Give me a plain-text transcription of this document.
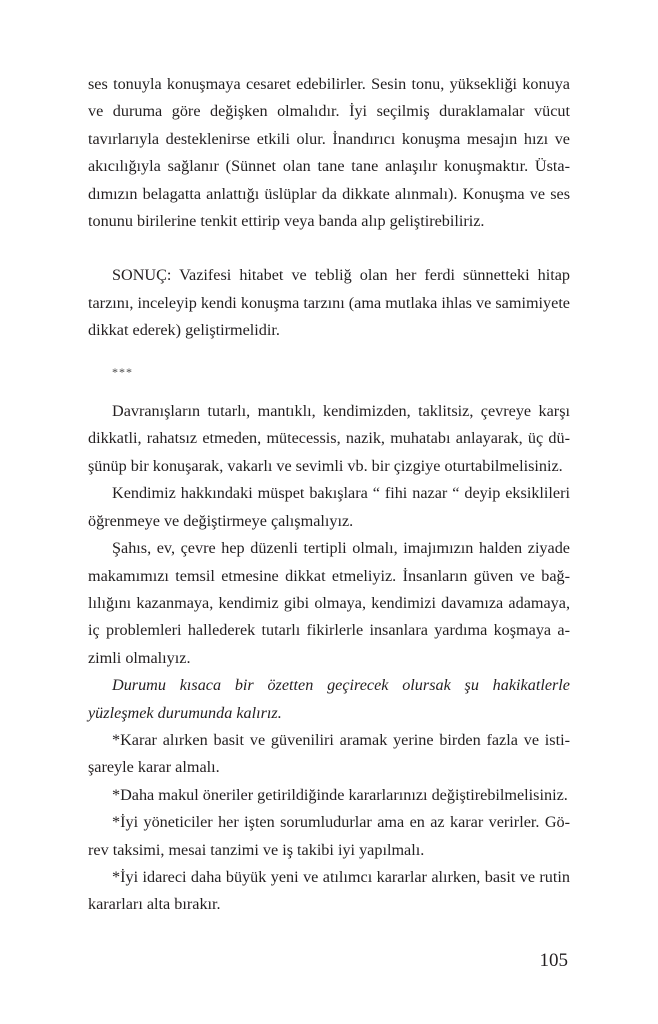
ses tonuyla konuşmaya cesaret edebilirler. Sesin tonu, yüksekliği konuya ve duruma göre değişken olmalıdır. İyi seçilmiş duraklamalar vücut tavırlarıyla desteklenirse etkili olur. İnandırıcı konuşma mesajın hızı ve akıcılığıyla sağlanır (Sünnet olan tane tane anlaşılır konuşmaktır. Üstadımızın belagatta anlattığı üslüplar da dikkate alınmalı). Konuşma ve ses tonunu birilerine tenkit ettirip veya banda alıp geliştirebiliriz.

SONUÇ: Vazifesi hitabet ve tebliğ olan her ferdi sünnetteki hitap tarzını, inceleyip kendi konuşma tarzını (ama mutlaka ihlas ve samimiyete dikkat ederek) geliştirmelidir.

***

Davranışların tutarlı, mantıklı, kendimizden, taklitsiz, çevreye karşı dikkatli, rahatsız etmeden, mütecessis, nazik, muhatabı anlayarak, üç düşünüp bir konuşarak, vakarlı ve sevimli vb. bir çizgiye oturtabilmelisiniz.

Kendimiz hakkındaki müspet bakışlara “ fihi nazar “ deyip eksiklileri öğrenmeye ve değiştirmeye çalışmalıyız.

Şahıs, ev, çevre hep düzenli tertipli olmalı, imajımızın halden ziyade makamımızı temsil etmesine dikkat etmeliyiz. İnsanların güven ve bağlılığını kazanmaya, kendimiz gibi olmaya, kendimizi davamıza adamaya, iç problemleri hallederek tutarlı fikirlerle insanlara yardıma koşmaya azimli olmalıyız.

Durumu kısaca bir özetten geçirecek olursak şu hakikatlerle yüzleşmek durumunda kalırız.

*Karar alırken basit ve güveniliri aramak yerine birden fazla ve istişareyle karar almalı.

*Daha makul öneriler getirildiğinde kararlarınızı değiştirebilmelisiniz.

*İyi yöneticiler her işten sorumludurlar ama en az karar verirler. Görev taksimi, mesai tanzimi ve iş takibi iyi yapılmalı.

*İyi idareci daha büyük yeni ve atılımcı kararlar alırken, basit ve rutin kararları alta bırakır.

105
